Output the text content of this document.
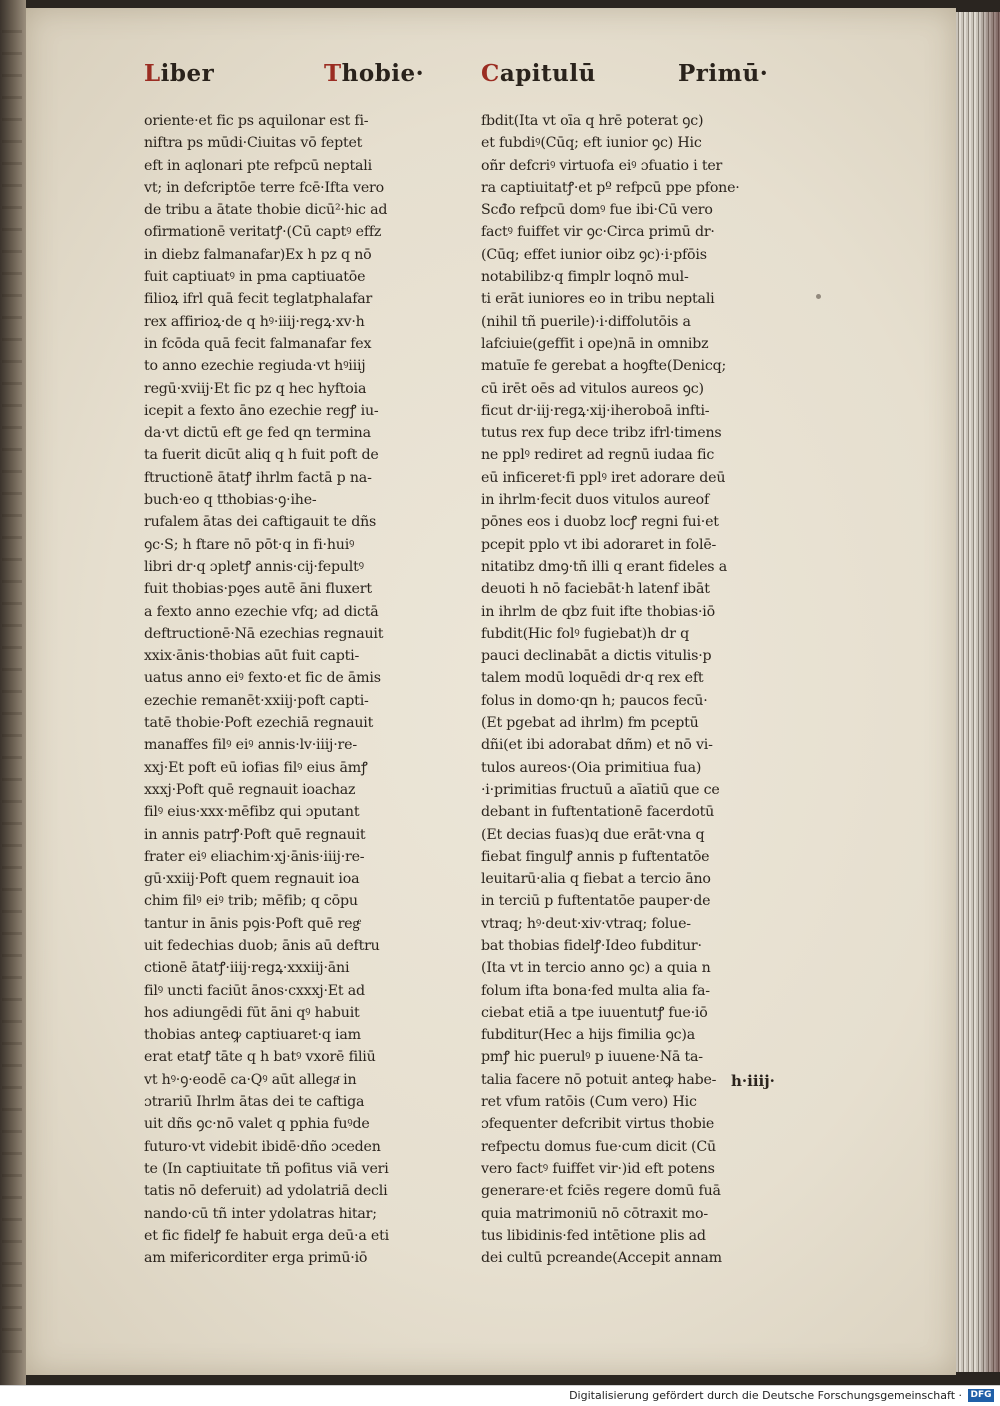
Liber	Thobie· Capitulū	Primū·
oriente·et fic ps aquilonar est fi-
niftra ps mūdi·Ciuitas vō feptet
eft in aqlonari pte refpcū neptali
vt; in defcriptōe terre fcē·Ifta vero
de tribu a ātate thobie dicū²·hic ad
ofirmationē veritatꝭ·(Cū captꝰ effz
in diebz falmanafar)Ex h pz q nō
fuit captiuatꝰ in pma captiuatōe
filioꝝ ifrl quā fecit teglatphalafar
rex affirioꝝ·de q hꝰ·iiij·regꝝ·xv·h
in fcōda quā fecit falmanafar fex
to anno ezechie regiuda·vt hꝰiiij
regū·xviij·Et fic pz q hec hyftoia
icepit a fexto āno ezechie regꝭ iu-
da·vt dictū eft ge fed qn termina
ta fuerit dicūt aliq q h fuit poft de
ftructionē ātatꝭ ihrlm factā p na-
buch·eo q tthobias·ꝯ·ihe-
rufalem ātas dei caftigauit te dñs
ꝯc·S; h ftare nō pōt·q in fi·huiꝰ
libri dr·q ɔpletꝭ annis·cij·fepultꝰ
fuit thobias·pꝯes autē āni fluxert
a fexto anno ezechie vfq; ad dictā
deftructionē·Nā ezechias regnauit
xxix·ānis·thobias aūt fuit capti-
uatus anno eiꝰ fexto·et fic de āmis
ezechie remanēt·xxiij·poft capti-
tatē thobie·Poft ezechiā regnauit
manaffes filꝰ eiꝰ annis·lv·iiij·re-
xxj·Et poft eū iofias filꝰ eius āmꝭ
xxxj·Poft quē regnauit ioachaz
filꝰ eius·xxx·mēfibz qui ɔputant
in annis patrꝭ·Poft quē regnauit
frater eiꝰ eliachim·xj·ānis·iiij·re-
gū·xxiij·Poft quem regnauit ioa
chim filꝰ eiꝰ trib; mēfib; q cōpu
tantur in ānis pꝯis·Poft quē regͤ
uit fedechias duob; ānis aū deftru
ctionē ātatꝭ·iiij·regꝝ·xxxiij·āni
filꝰ uncti faciūt ānos·cxxxj·Et ad
hos adiungēdi fūt āni qꝰ habuit
thobias anteꝙ captiuaret·q iam
erat etatꝭ tāte q h batꝰ vxorē filiū
vt hꝰ·ꝯ·eodē ca·Qꝰ aūt allegaͬ in
ɔtrariū Ihrlm ātas dei te caftiga
uit dñs ꝯc·nō valet q pphia fuꝰde
futuro·vt videbit ibidē·dño ɔceden
te (In captiuitate tñ pofitus viā veri
tatis nō deferuit) ad ydolatriā decli
nando·cū tñ inter ydolatras hitar;
et fic fidelꝭ fe habuit erga deū·a eti
am mifericorditer erga primū·iō
fbdit(Ita vt oīa q hrē poterat ꝯc)
et fubdiꝰ(Cūq; eft iunior ꝯc) Hic
oñr defcriꝰ virtuofa eiꝰ ɔfuatio i ter
ra captiuitatꝭ·et pº refpcū ppe pfone·
Scđo refpcū domꝰ fue ibi·Cū vero
factꝰ fuiffet vir ꝯc·Circa primū dr·
(Cūq; effet iunior oibz ꝯc)·i·pfōis
notabilibz·q fimplr loqnō mul-
ti erāt iuniores eo in tribu neptali
(nihil tñ puerile)·i·diffolutōis a
lafciuie(geffit i ope)nā in omnibz
matuīe fe gerebat a hoꝯfte(Denicq;
cū irēt oēs ad vitulos aureos ꝯc)
ficut dr·iij·regꝝ·xij·iheroboā infti-
tutus rex fup dece tribz ifrl·timens
ne pplꝰ rediret ad regnū iudaa fic
eū inficeret·fi pplꝰ iret adorare deū
in ihrlm·fecit duos vitulos aureof
pōnes eos i duobz locꝭ regni fui·et
pcepit pplo vt ibi adoraret in folē-
nitatibz dmꝯ·tñ illi q erant fideles a
deuoti h nō faciebāt·h latenf ibāt
in ihrlm de qbz fuit ifte thobias·iō
fubdit(Hic folꝰ fugiebat)h dr q
pauci declinabāt a dictis vitulis·p
talem modū loquēdi dr·q rex eft
folus in domo·qn h; paucos fecū·
(Et pgebat ad ihrlm) fm pceptū
dñi(et ibi adorabat dñm) et nō vi-
tulos aureos·(Oia primitiua fua)
·i·primitias fructuū a aīatiū que ce
debant in fuftentationē facerdotū
(Et decias fuas)q due erāt·vna q
fiebat fingulꝭ annis p fuftentatōe
leuitarū·alia q fiebat a tercio āno
in terciū p fuftentatōe pauper·de
vtraq; hꝰ·deut·xiv·vtraq; folue-
bat thobias fidelꝭ·Ideo fubditur·
(Ita vt in tercio anno ꝯc) a quia n
folum ifta bona·fed multa alia fa-
ciebat etiā a tpe iuuentutꝭ fue·iō
fubditur(Hec a hijs fimilia ꝯc)a
pmꝭ hic puerulꝰ p iuuene·Nā ta-
talia facere nō potuit anteꝙ habe-
ret vfum ratōis (Cum vero) Hic
ɔfequenter defcribit virtus thobie
refpectu domus fue·cum dicit (Cū
vero factꝰ fuiffet vir·)id eft potens
generare·et fciēs regere domū fuā
quia matrimoniū nō cōtraxit mo-
tus libidinis·fed intētione plis ad
dei cultū pcreande(Accepit annam
h·iiij·
Digitalisierung gefördert durch die Deutsche Forschungsgemeinschaft · DFG
